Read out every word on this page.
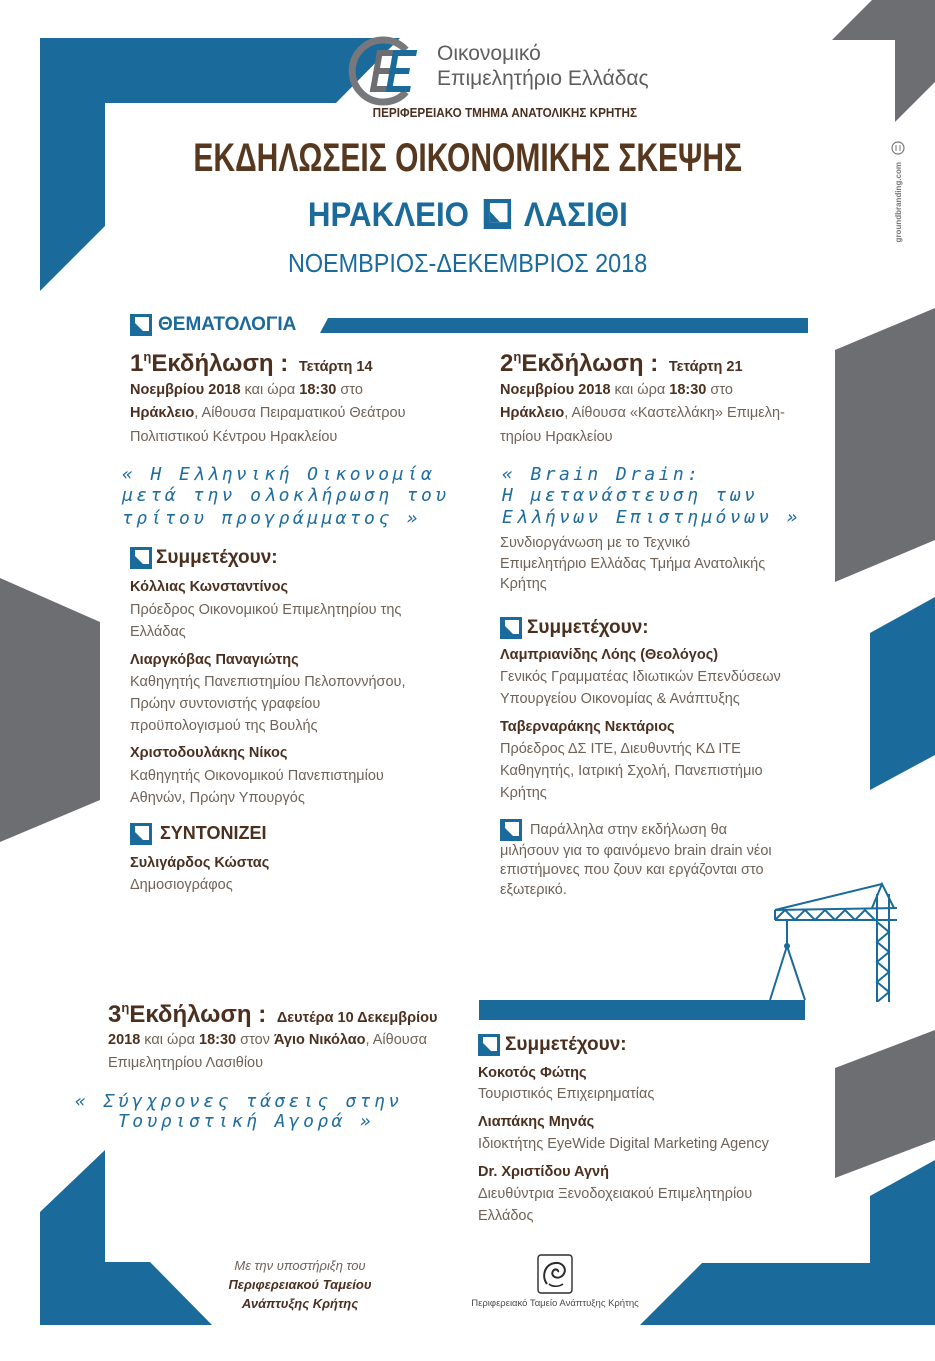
Οικονομικό
Επιμελητήριο Ελλάδας
ΠΕΡΙΦΕΡΕΙΑΚΟ ΤΜΗΜΑ ΑΝΑΤΟΛΙΚΗΣ ΚΡΗΤΗΣ
ΕΚΔΗΛΩΣΕΙΣ ΟΙΚΟΝΟΜΙΚΗΣ ΣΚΕΨΗΣ
ΗΡΑΚΛΕΙΟ ΛΑΣΙΘΙ
ΝΟΕΜΒΡΙΟΣ-ΔΕΚΕΜΒΡΙΟΣ 2018
groundbranding.com
ΘΕΜΑΤΟΛΟΓΙΑ
$1^\eta E\kappa\delta ή\lambda\omega\sigma\eta$ : Τετάρτη 14
Νοεμβρίου 2018 και ώρα 18:30 στο
Ηράκλειο, Αίθουσα Πειραματικού Θεάτρου
Πολιτιστικού Κέντρου Ηρακλείου
« Η Ελληνική Οικονομία
μετά την ολοκλήρωση του
τρίτου προγράμματος »
Συμμετέχουν:
Κόλλιας Κωνσταντίνος
Πρόεδρος Οικονομικού Επιμελητηρίου της
Ελλάδας
Λιαργκόβας Παναγιώτης
Καθηγητής Πανεπιστημίου Πελοποννήσου,
Πρώην συντονιστής γραφείου
προϋπολογισμού της Βουλής
Χριστοδουλάκης Νίκος
Καθηγητής Οικονομικού Πανεπιστημίου
Αθηνών, Πρώην Υπουργός
ΣΥΝΤΟΝΙΖΕΙ
Συλιγάρδος Κώστας
Δημοσιογράφος
$2^\eta E\kappa\delta ή\lambda\omega\sigma\eta$ : Τετάρτη 21
Νοεμβρίου 2018 και ώρα 18:30 στο
Ηράκλειο, Αίθουσα «Καστελλάκη» Επιμελη-
τηρίου Ηρακλείου
« Brain Drain:
Η μετανάστευση των
Ελλήνων Επιστημόνων »
Συνδιοργάνωση με το Τεχνικό
Επιμελητήριο Ελλάδας Τμήμα Ανατολικής
Κρήτης
Συμμετέχουν:
Λαμπριανίδης Λόης (Θεολόγος)
Γενικός Γραμματέας Ιδιωτικών Επενδύσεων
Υπουργείου Οικονομίας & Ανάπτυξης
Ταβερναράκης Νεκτάριος
Πρόεδρος ΔΣ ΙΤΕ, Διευθυντής ΚΔ ΙΤΕ
Καθηγητής, Ιατρική Σχολή, Πανεπιστήμιο
Κρήτης
Παράλληλα στην εκδήλωση θα
μιλήσουν για το φαινόμενο brain drain νέοι
επιστήμονες που ζουν και εργάζονται στο
εξωτερικό.
$3^\eta E\kappa\delta ή\lambda\omega\sigma\eta$ : Δευτέρα 10 Δεκεμβρίου
2018 και ώρα 18:30 στον Άγιο Νικόλαο, Αίθουσα
Επιμελητηρίου Λασιθίου
« Σύγχρονες τάσεις στην
Τουριστική Αγορά »
Συμμετέχουν:
Κοκοτός Φώτης
Τουριστικός Επιχειρηματίας
Λιαπάκης Μηνάς
Ιδιοκτήτης EyeWide Digital Marketing Agency
Dr. Χριστίδου Αγνή
Διευθύντρια Ξενοδοχειακού Επιμελητηρίου
Ελλάδος
Με την υποστήριξη του
Περιφερειακού Ταμείου
Ανάπτυξης Κρήτης	Περιφερειακό Ταμείο Ανάπτυξης Κρήτης
